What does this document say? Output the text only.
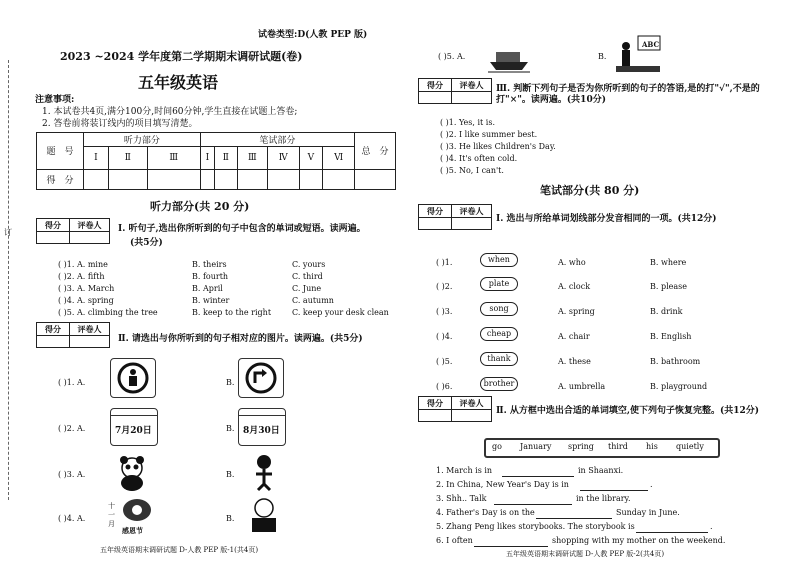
订
试卷类型:D(人教 PEP 版)
2023 ~2024 学年度第二学期期末调研试题(卷)
五年级英语
注意事项:
1. 本试卷共4页,满分100分,时间60分钟,学生直接在试题上答卷;
2. 答卷前将装订线内的项目填写清楚。
题　号	听力部分			笔试部分						总　分
	Ⅰ	Ⅱ	Ⅲ	Ⅰ	Ⅱ	Ⅲ	Ⅳ	Ⅴ	Ⅵ	
得　分										
听力部分(共 20 分)
得分	评卷人	Ⅰ. 听句子,选出你所听到的句子中包含的单词或短语。读两遍。
(共5分)
( )1. A. mine	B. theirs	C. yours
( )2. A. fifth	B. fourth	C. third
( )3. A. March	B. April	C. June
( )4. A. spring	B. winter	C. autumn
( )5. A. climbing the tree	B. keep to the right	C. keep your desk clean
得分	评卷人
Ⅱ. 请选出与你所听到的句子相对应的图片。读两遍。(共5分)
( )1. A.	B.
( )2. A.	7月20日	B. 8月30日
( )3. A.	B.
( )4. A.
十一月
感恩节
B.
五年级英语期末调研试题 D-人教 PEP 版-1(共4页)
( )5. A.	B.
ABC
得分	评卷人	Ⅲ. 判断下列句子是否为你所听到的句子的答语,是的打"√",不是的打"×"。读两遍。(共10分)
( )1. Yes, it is.
( )2. I like summer best.
( )3. He likes Children's Day.
( )4. It's often cold.
( )5. No, I can't.
笔试部分(共 80 分)
得分	评卷人
Ⅰ. 选出与所给单词划线部分发音相同的一项。(共12分)
( )1.	when	A. who	B. where
( )2.	plate	A. clock	B. please
( )3.	song	A. spring	B. drink
( )4.	cheap	A. chair	B. English
( )5.	thank	A. these	B. bathroom
( )6.	brother	A. umbrella	B. playground
得分	评卷人
Ⅱ. 从方框中选出合适的单词填空,使下列句子恢复完整。(共12分)
go January spring third his quietly
1. March is in	in Shaanxi.
2. In China, New Year's Day is in	.
3. Shh.. Talk	in the library.
4. Father's Day is on the	Sunday in June.
5. Zhang Peng likes storybooks. The storybook is	.
6. I often	shopping with my mother on the weekend.
五年级英语期末调研试题 D-人教 PEP 版-2(共4页)
